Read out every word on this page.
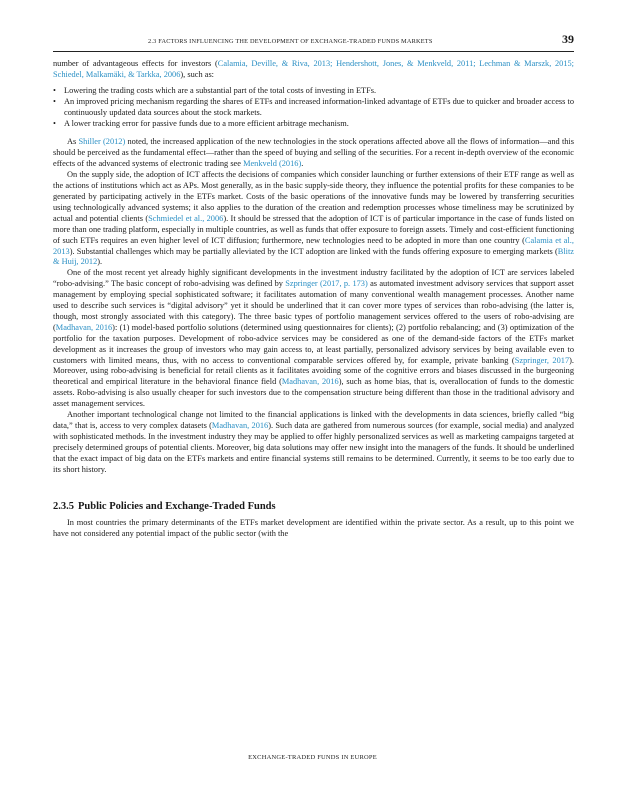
2.3 FACTORS INFLUENCING THE DEVELOPMENT OF EXCHANGE-TRADED FUNDS MARKETS	39

number of advantageous effects for investors (Calamia, Deville, & Riva, 2013; Hendershott, Jones, & Menkveld, 2011; Lechman & Marszk, 2015; Schiedel, Malkamäki, & Tarkka, 2006), such as:

• Lowering the trading costs which are a substantial part of the total costs of investing in ETFs.
• An improved pricing mechanism regarding the shares of ETFs and increased information-linked advantage of ETFs due to quicker and broader access to continuously updated data sources about the stock markets.
• A lower tracking error for passive funds due to a more efficient arbitrage mechanism.

As Shiller (2012) noted, the increased application of the new technologies in the stock operations affected above all the flows of information—and this should be perceived as the fundamental effect—rather than the speed of buying and selling of the securities. For a recent in-depth overview of the economic effects of the advanced systems of electronic trading see Menkveld (2016).

On the supply side, the adoption of ICT affects the decisions of companies which consider launching or further extensions of their ETF range as well as the actions of institutions which act as APs. Most generally, as in the basic supply-side theory, they influence the potential profits for these companies to be generated by participating actively in the ETFs market. Costs of the basic operations of the innovative funds may be lowered by transferring securities using technologically advanced systems; it also applies to the duration of the creation and redemption processes whose timeliness may be scrutinized by actual and potential clients (Schmiedel et al., 2006). It should be stressed that the adoption of ICT is of particular importance in the case of funds listed on more than one trading platform, especially in multiple countries, as well as funds that offer exposure to foreign assets. Timely and cost-efficient functioning of such ETFs requires an even higher level of ICT diffusion; furthermore, new technologies need to be adopted in more than one country (Calamia et al., 2013). Substantial challenges which may be partially alleviated by the ICT adoption are linked with the funds offering exposure to emerging markets (Blitz & Huij, 2012).

One of the most recent yet already highly significant developments in the investment industry facilitated by the adoption of ICT are services labeled “robo-advising.” The basic concept of robo-advising was defined by Szpringer (2017, p. 173) as automated investment advisory services that support asset management by employing special sophisticated software; it facilitates automation of many conventional wealth management processes. Another name used to describe such services is “digital advisory” yet it should be underlined that it can cover more types of services than robo-advising (the latter is, though, most strongly associated with this category). The three basic types of portfolio management services offered to the users of robo-advising are (Madhavan, 2016): (1) model-based portfolio solutions (determined using questionnaires for clients); (2) portfolio rebalancing; and (3) optimization of the portfolio for the taxation purposes. Development of robo-advice services may be considered as one of the demand-side factors of the ETFs market development as it increases the group of investors who may gain access to, at least partially, personalized advisory services by being available even to customers with limited means, thus, with no access to conventional comparable services offered by, for example, private banking (Szpringer, 2017). Moreover, using robo-advising is beneficial for retail clients as it facilitates avoiding some of the cognitive errors and biases discussed in the burgeoning theoretical and empirical literature in the behavioral finance field (Madhavan, 2016), such as home bias, that is, overallocation of funds to the domestic assets. Robo-advising is also usually cheaper for such investors due to the compensation structure being different than those in the traditional advisory and asset management services.

Another important technological change not limited to the financial applications is linked with the developments in data sciences, briefly called “big data,” that is, access to very complex datasets (Madhavan, 2016). Such data are gathered from numerous sources (for example, social media) and analyzed with sophisticated methods. In the investment industry they may be applied to offer highly personalized services as well as marketing campaigns targeted at precisely determined groups of potential clients. Moreover, big data solutions may offer new insight into the managers of the funds. It should be underlined that the exact impact of big data on the ETFs markets and entire financial systems still remains to be determined. Currently, it seems to be too early due to its short history.

2.3.5 Public Policies and Exchange-Traded Funds

In most countries the primary determinants of the ETFs market development are identified within the private sector. As a result, up to this point we have not considered any potential impact of the public sector (with the

EXCHANGE-TRADED FUNDS IN EUROPE
